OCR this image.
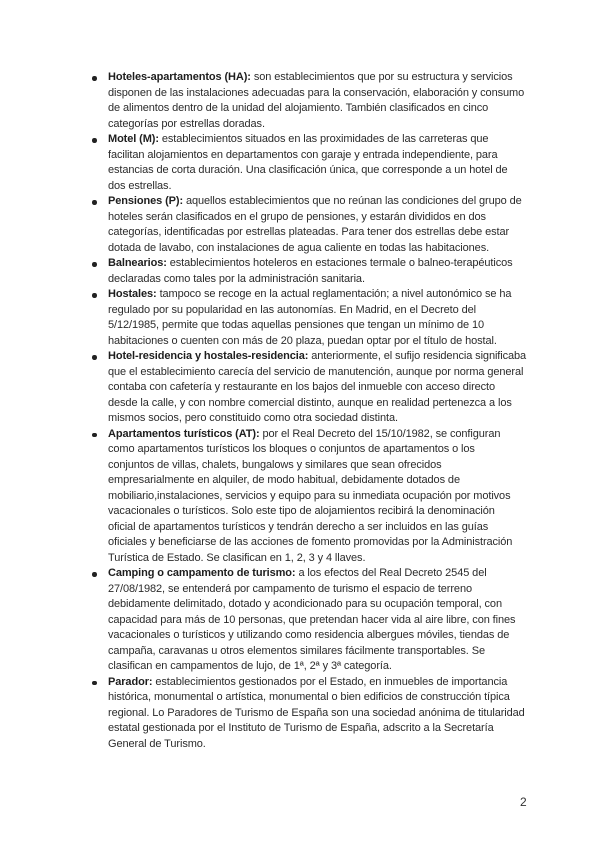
Hoteles-apartamentos (HA): son establecimientos que por su estructura y servicios
disponen de las instalaciones adecuadas para la conservación, elaboración y consumo
de alimentos dentro de la unidad del alojamiento. También clasificados en cinco
categorías por estrellas doradas.
Motel (M): establecimientos situados en las proximidades de las carreteras que
facilitan alojamientos en departamentos con garaje y entrada independiente, para
estancias de corta duración. Una clasificación única, que corresponde a un hotel de
dos estrellas.
Pensiones (P): aquellos establecimientos que no reúnan las condiciones del grupo de
hoteles serán clasificados en el grupo de pensiones, y estarán divididos en dos
categorías, identificadas por estrellas plateadas. Para tener dos estrellas debe estar
dotada de lavabo, con instalaciones de agua caliente en todas las habitaciones.
Balnearios: establecimientos hoteleros en estaciones termale o balneo-terapéuticos
declaradas como tales por la administración sanitaria.
Hostales: tampoco se recoge en la actual reglamentación; a nivel autonómico se ha
regulado por su popularidad en las autonomías. En Madrid, en el Decreto del
5/12/1985, permite que todas aquellas pensiones que tengan un mínimo de 10
habitaciones o cuenten con más de 20 plaza, puedan optar por el título de hostal.
Hotel-residencia y hostales-residencia: anteriormente, el sufijo residencia significaba
que el establecimiento carecía del servicio de manutención, aunque por norma general
contaba con cafetería y restaurante en los bajos del inmueble con acceso directo
desde la calle, y con nombre comercial distinto, aunque en realidad pertenezca a los
mismos socios, pero constituido como otra sociedad distinta.
Apartamentos turísticos (AT): por el Real Decreto del 15/10/1982, se configuran
como apartamentos turísticos los bloques o conjuntos de apartamentos o los
conjuntos de villas, chalets, bungalows y similares que sean ofrecidos
empresarialmente en alquiler, de modo habitual, debidamente dotados de
mobiliario,instalaciones, servicios y equipo para su inmediata ocupación por motivos
vacacionales o turísticos. Solo este tipo de alojamientos recibirá la denominación
oficial de apartamentos turísticos y tendrán derecho a ser incluidos en las guías
oficiales y beneficiarse de las acciones de fomento promovidas por la Administración
Turística de Estado. Se clasifican en 1, 2, 3 y 4 llaves.
Camping o campamento de turismo: a los efectos del Real Decreto 2545 del
27/08/1982, se entenderá por campamento de turismo el espacio de terreno
debidamente delimitado, dotado y acondicionado para su ocupación temporal, con
capacidad para más de 10 personas, que pretendan hacer vida al aire libre, con fines
vacacionales o turísticos y utilizando como residencia albergues móviles, tiendas de
campaña, caravanas u otros elementos similares fácilmente transportables. Se
clasifican en campamentos de lujo, de 1ª, 2ª y 3ª categoría.
Parador: establecimientos gestionados por el Estado, en inmuebles de importancia
histórica, monumental o artística, monumental o bien edificios de construcción típica
regional. Lo Paradores de Turismo de España son una sociedad anónima de titularidad
estatal gestionada por el Instituto de Turismo de España, adscrito a la Secretaría
General de Turismo.
2
